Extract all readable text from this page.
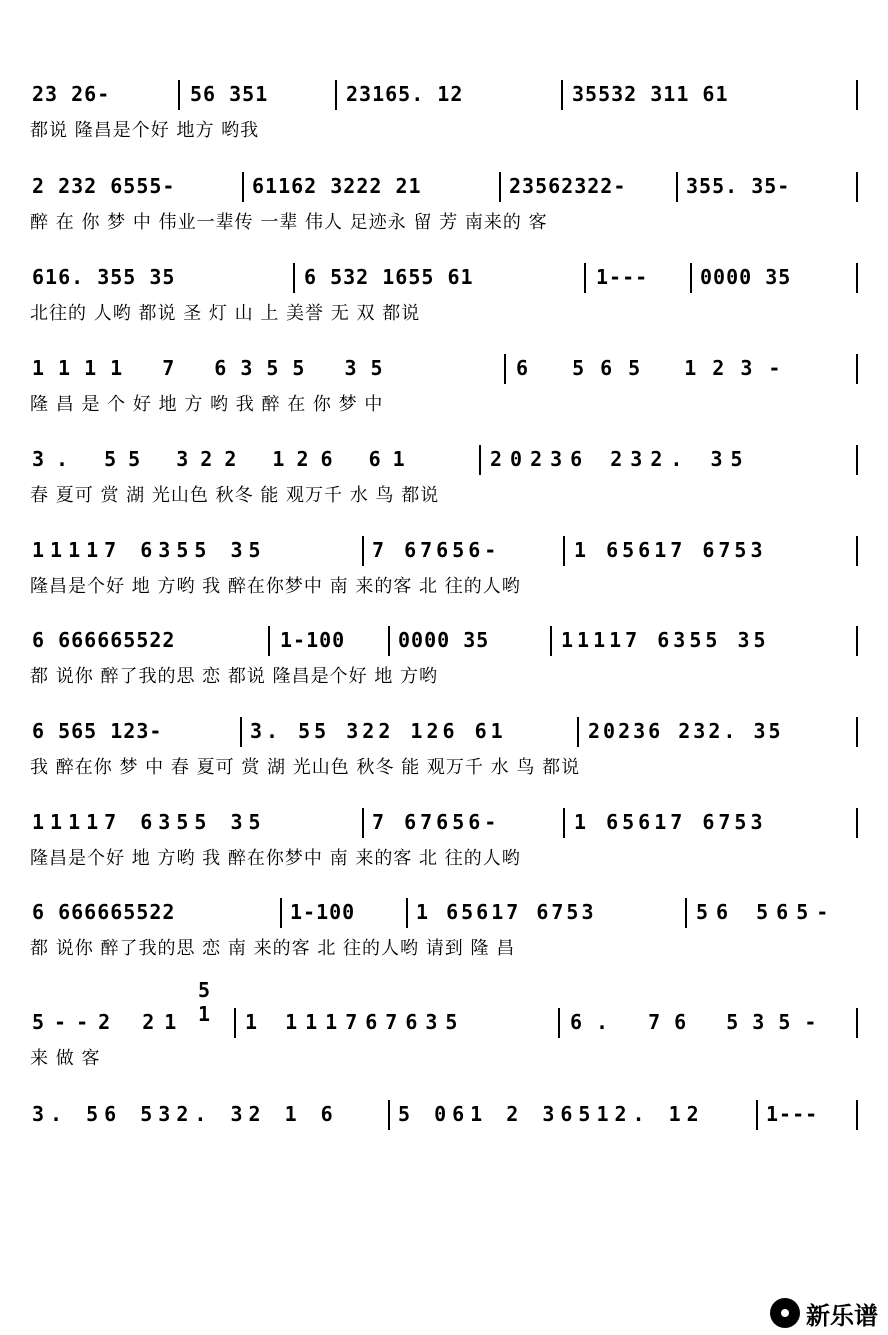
23 26-	56 351	23165. 12	35532 311 61
都说 隆昌是个好 地方 哟我
2 232 6555-	61162 3222 21	23562322-	355. 35-
醉 在 你 梦 中 伟业一辈传 一辈 伟人 足迹永 留 芳 南来的 客
616. 355 35	6 532 1655 61	1---	0000 35
北往的 人哟 都说 圣 灯 山 上 美誉 无 双 都说
1111 7 6355 35	6 565 123-
隆 昌 是 个 好 地 方 哟 我 醉 在 你 梦 中
3. 55 322 126 61	20236 232. 35
春 夏可 赏 湖 光山色 秋冬 能 观万千 水 鸟 都说
11117 6355 35	7 67656-	1 65617 6753
隆昌是个好 地 方哟 我 醉在你梦中 南 来的客 北 往的人哟
6 666665522	1-100	0000 35	11117 6355 35
都 说你 醉了我的思 恋 都说 隆昌是个好 地 方哟
6 565 123-	3. 55 322 126 61	20236 232. 35
我 醉在你 梦 中 春 夏可 赏 湖 光山色 秋冬 能 观万千 水 鸟 都说
11117 6355 35	7 67656-	1 65617 6753
隆昌是个好 地 方哟 我 醉在你梦中 南 来的客 北 往的人哟
6 666665522	1-100	1 65617 6753	56 565-
都 说你 醉了我的思 恋 南 来的客 北 往的人哟 请到 隆 昌
5 1
5--2 21	1 111767635	6. 76 535-
来 做 客
3. 56 532. 32 1 6	5 061 2 36512. 12	1---
新乐谱
